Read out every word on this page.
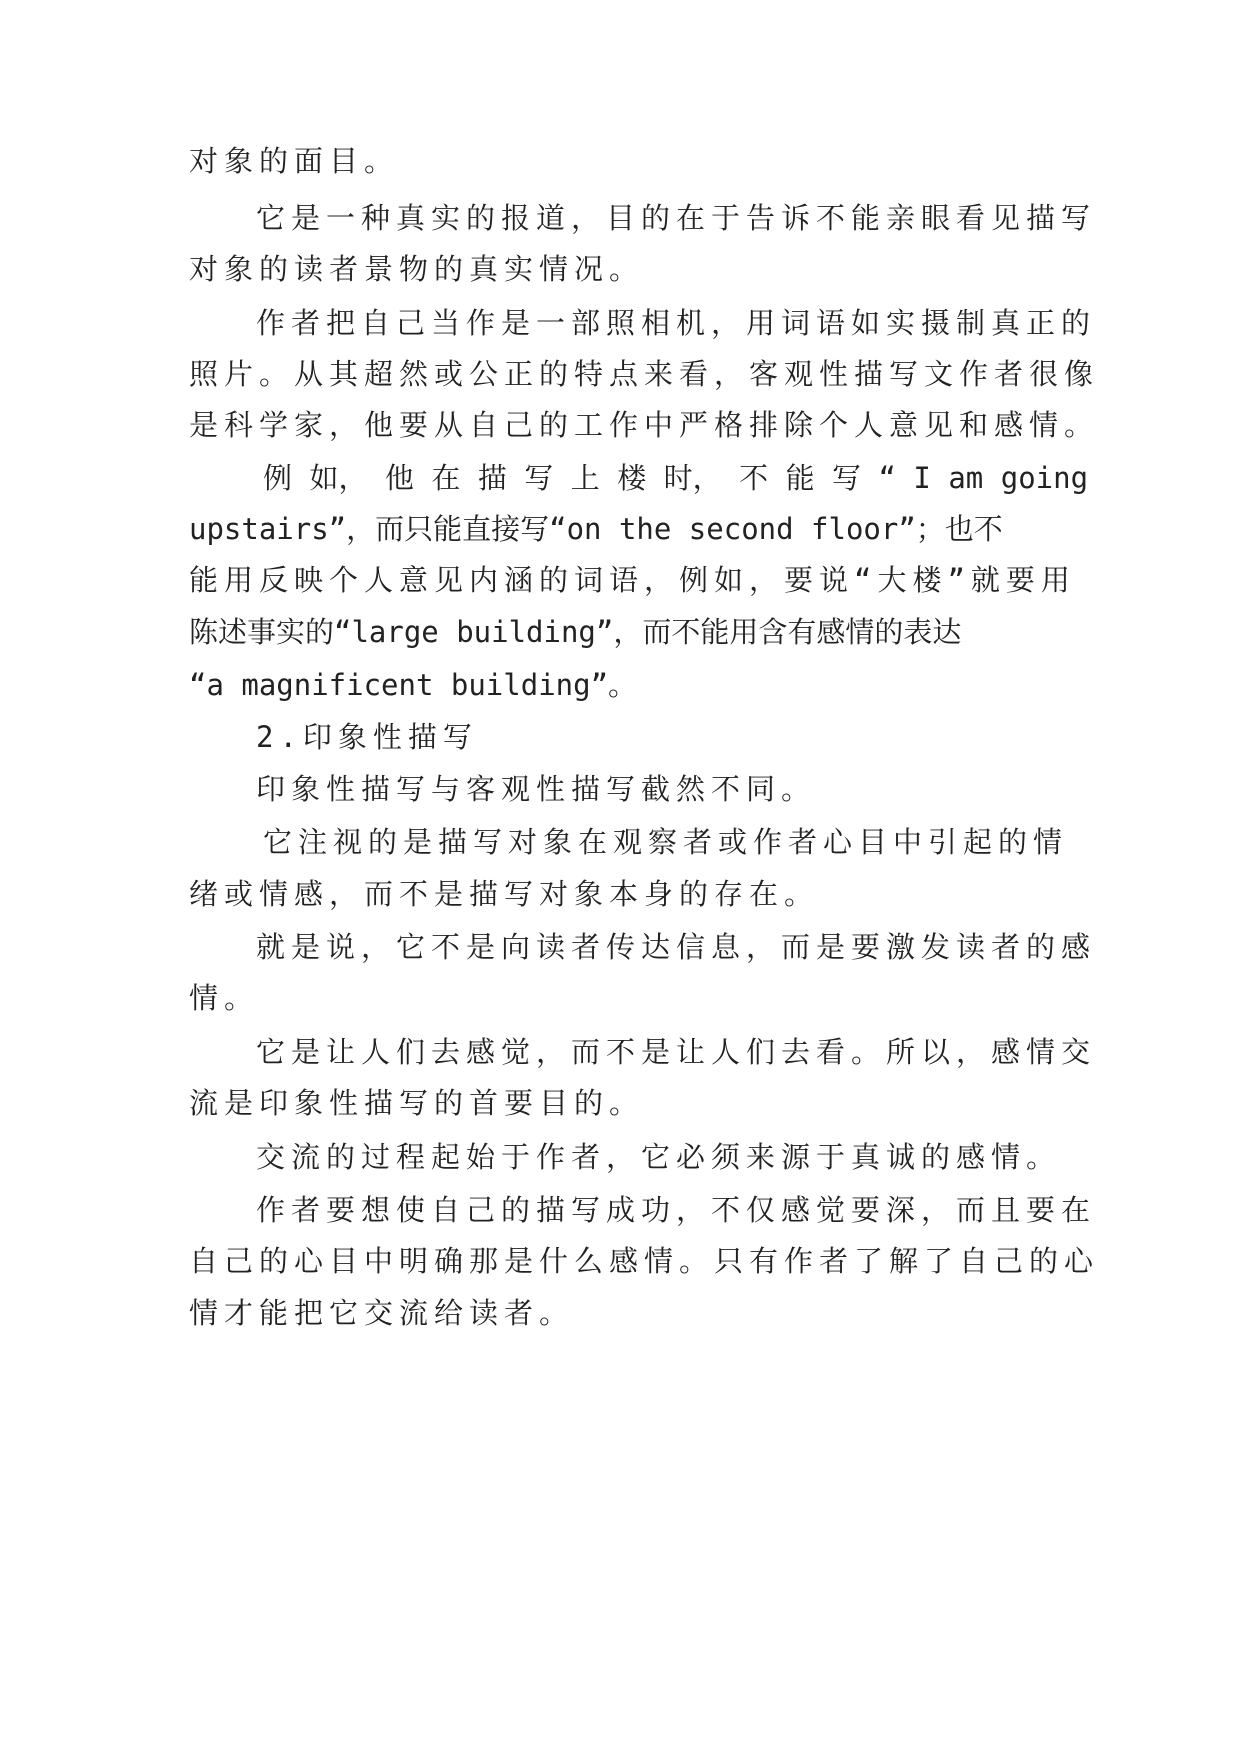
对象的面目。
它是一种真实的报道，目的在于告诉不能亲眼看见描写
对象的读者景物的真实情况。
作者把自己当作是一部照相机，用词语如实摄制真正的
照片。从其超然或公正的特点来看，客观性描写文作者很像
是科学家，他要从自己的工作中严格排除个人意见和感情。
例 如， 他 在 描 写 上 楼 时， 不 能 写 “ I am going
upstairs”，而只能直接写“on the second floor”；也不
能用反映个人意见内涵的词语，例如，要说“大楼”就要用
陈述事实的“large building”，而不能用含有感情的表达
“a magnificent building”。
2.印象性描写
印象性描写与客观性描写截然不同。
它注视的是描写对象在观察者或作者心目中引起的情
绪或情感，而不是描写对象本身的存在。
就是说，它不是向读者传达信息，而是要激发读者的感
情。
它是让人们去感觉，而不是让人们去看。所以，感情交
流是印象性描写的首要目的。
交流的过程起始于作者，它必须来源于真诚的感情。
作者要想使自己的描写成功，不仅感觉要深，而且要在
自己的心目中明确那是什么感情。只有作者了解了自己的心
情才能把它交流给读者。
